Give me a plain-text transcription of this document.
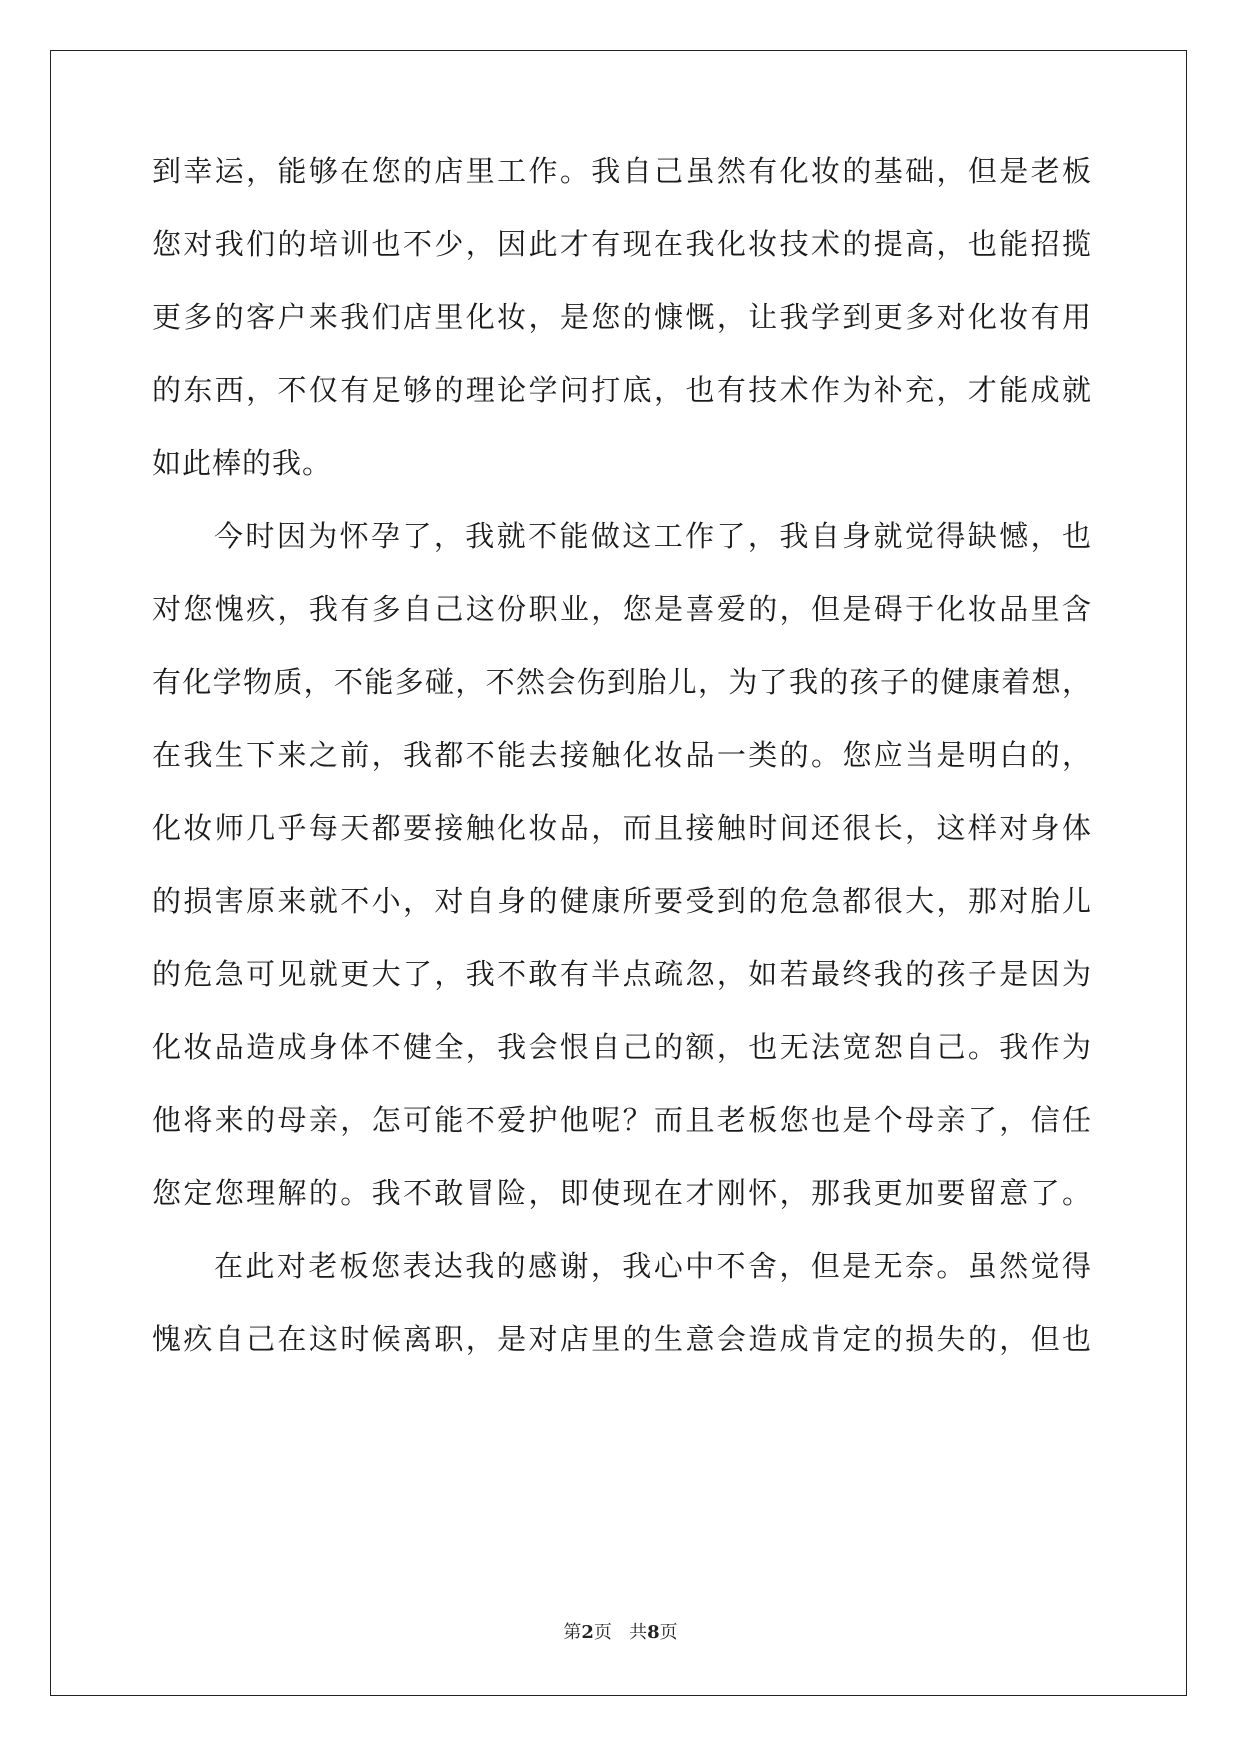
到幸运，能够在您的店里工作。我自己虽然有化妆的基础，但是老板
您对我们的培训也不少，因此才有现在我化妆技术的提高，也能招揽
更多的客户来我们店里化妆，是您的慷慨，让我学到更多对化妆有用
的东西，不仅有足够的理论学问打底，也有技术作为补充，才能成就
如此棒的我。
今时因为怀孕了，我就不能做这工作了，我自身就觉得缺憾，也
对您愧疚，我有多自己这份职业，您是喜爱的，但是碍于化妆品里含
有化学物质，不能多碰，不然会伤到胎儿，为了我的孩子的健康着想，
在我生下来之前，我都不能去接触化妆品一类的。您应当是明白的，
化妆师几乎每天都要接触化妆品，而且接触时间还很长，这样对身体
的损害原来就不小，对自身的健康所要受到的危急都很大，那对胎儿
的危急可见就更大了，我不敢有半点疏忽，如若最终我的孩子是因为
化妆品造成身体不健全，我会恨自己的额，也无法宽恕自己。我作为
他将来的母亲，怎可能不爱护他呢？而且老板您也是个母亲了，信任
您定您理解的。我不敢冒险，即使现在才刚怀，那我更加要留意了。
在此对老板您表达我的感谢，我心中不舍，但是无奈。虽然觉得
愧疚自己在这时候离职，是对店里的生意会造成肯定的损失的，但也
第2页 共8页
